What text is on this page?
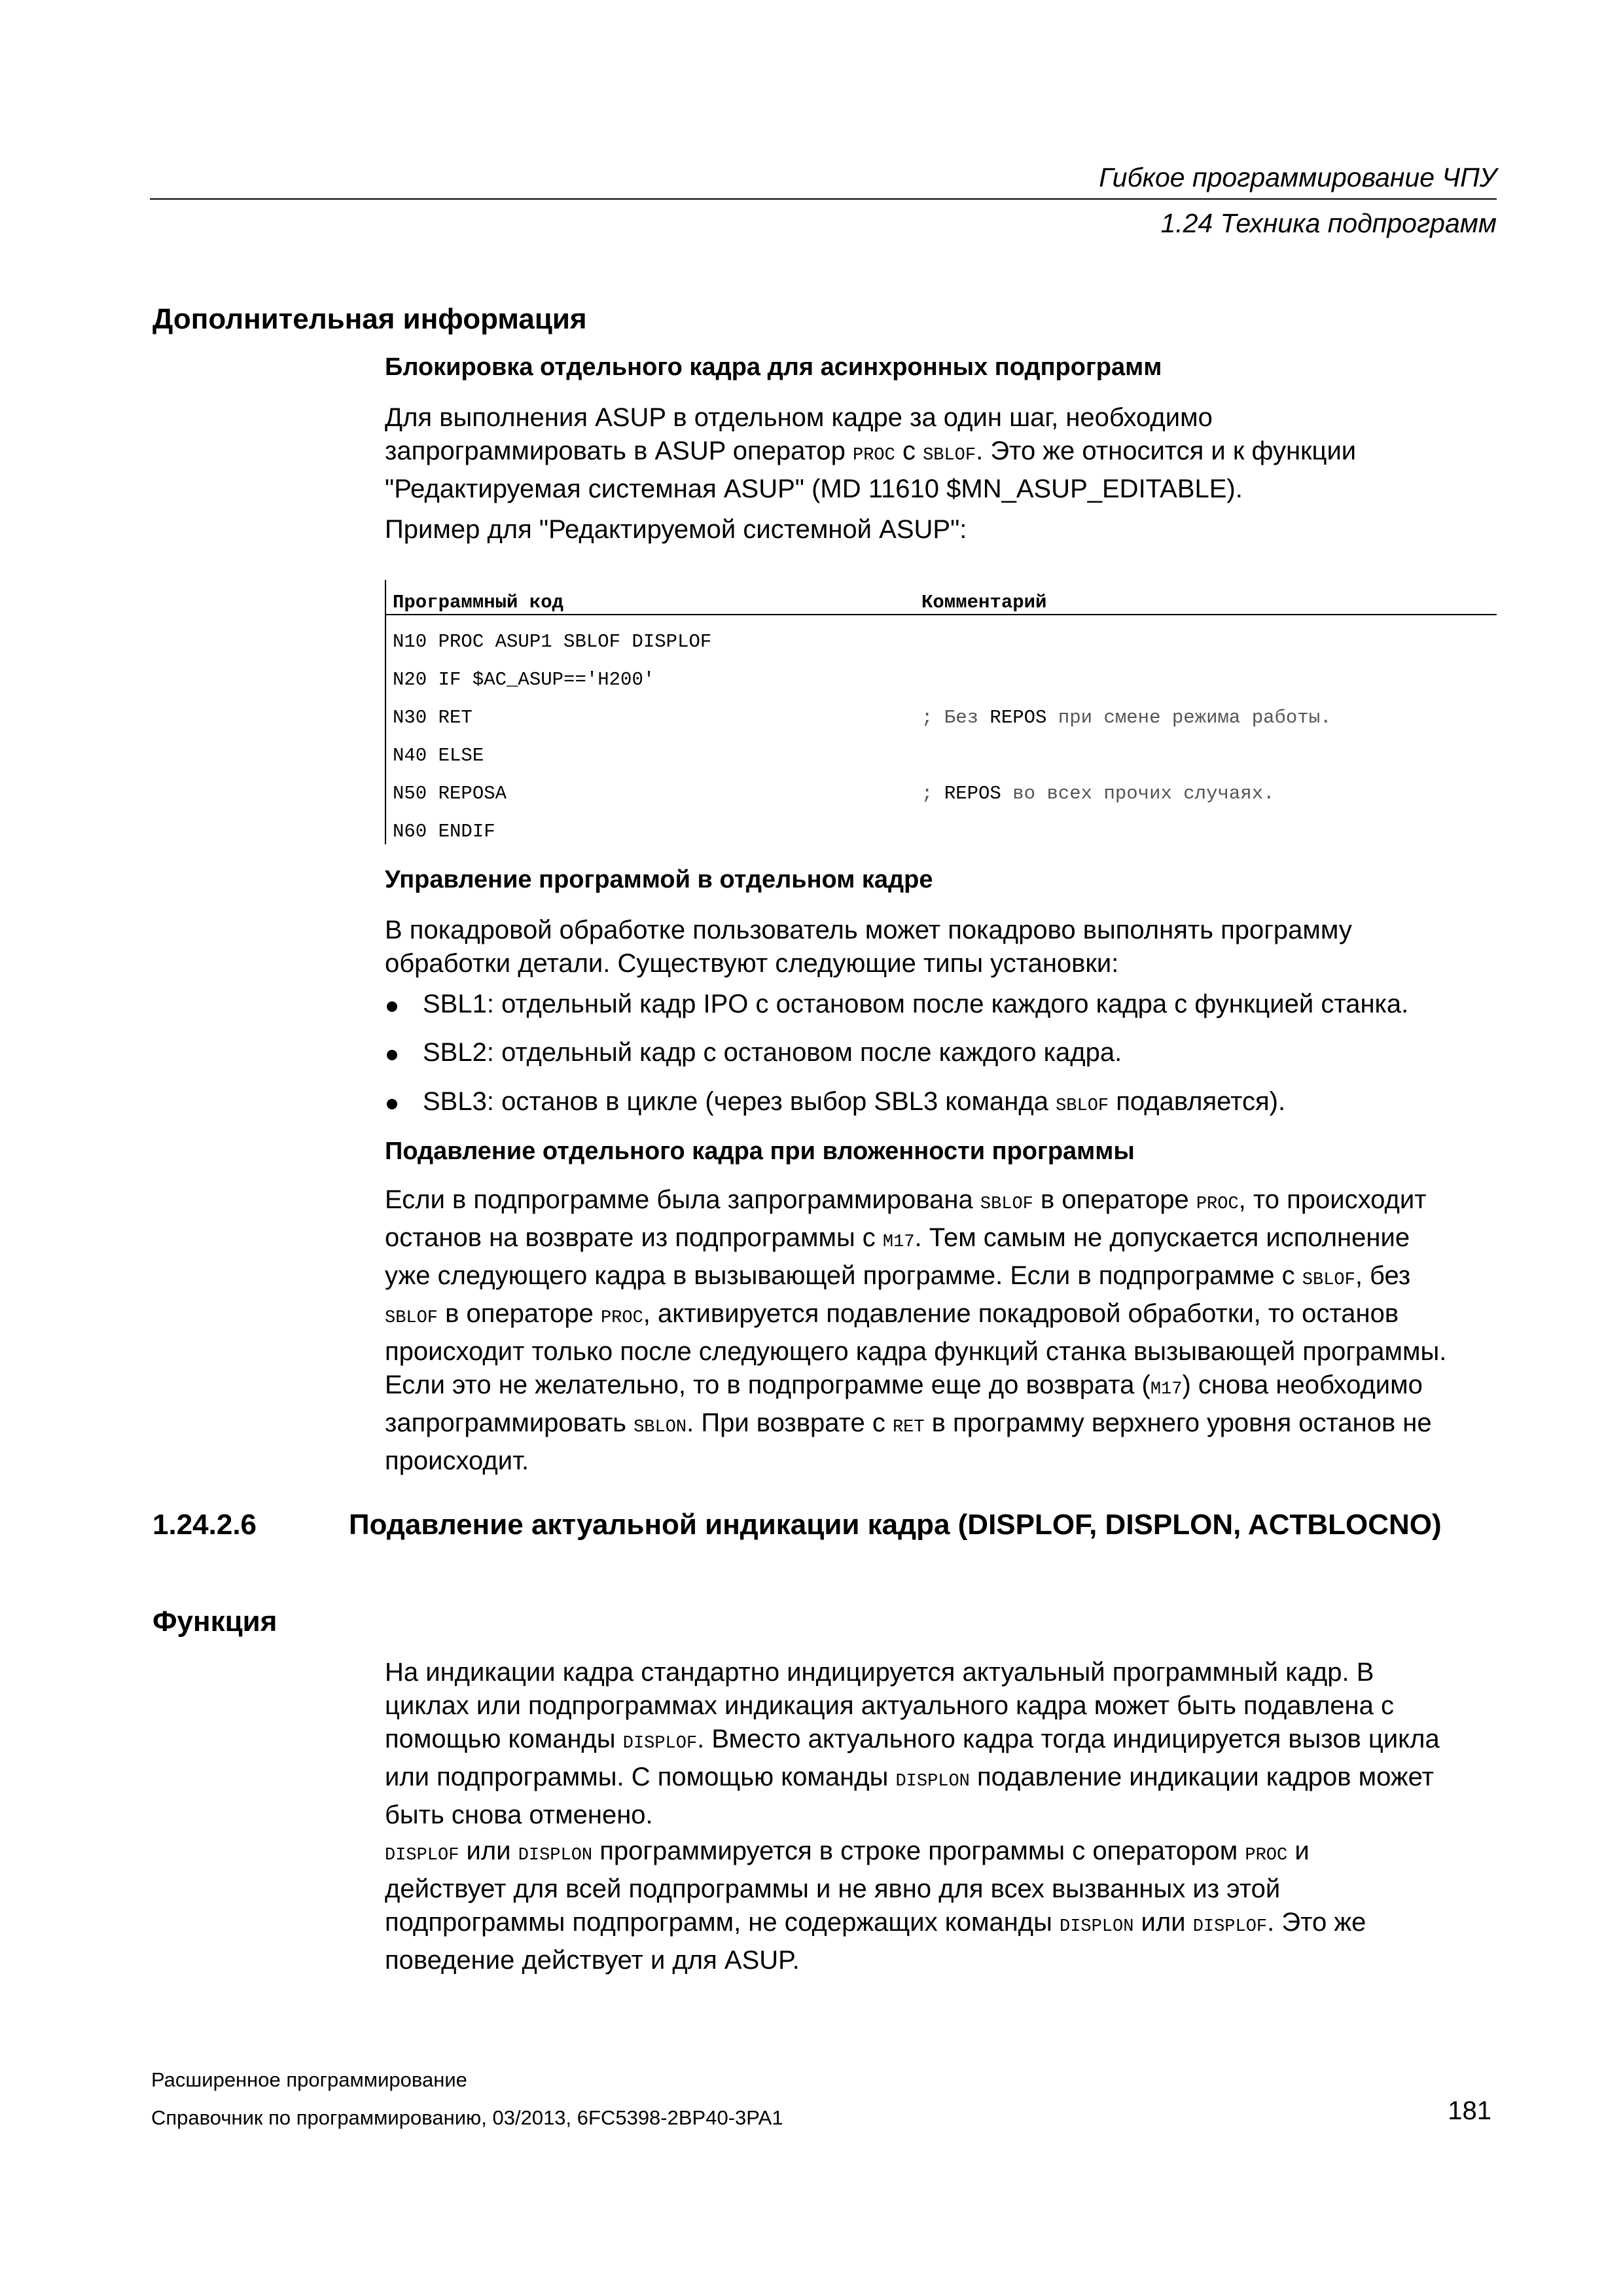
Гибкое программирование ЧПУ
1.24 Техника подпрограмм
Дополнительная информация
Блокировка отдельного кадра для асинхронных подпрограмм
Для выполнения ASUP в отдельном кадре за один шаг, необходимо
запрограммировать в ASUP оператор PROC с SBLOF. Это же относится и к функции
"Редактируемая системная ASUP" (MD 11610 $MN_ASUP_EDITABLE).
Пример для "Редактируемой системной ASUP":
Программный код	Комментарий
N10 PROC ASUP1 SBLOF DISPLOF
N20 IF $AC_ASUP=='H200'
N30 RET	; Без REPOS при смене режима работы.
N40 ELSE
N50 REPOSA	; REPOS во всех прочих случаях.
N60 ENDIF
Управление программой в отдельном кадре
В покадровой обработке пользователь может покадрово выполнять программу
обработки детали. Существуют следующие типы установки:
SBL1: отдельный кадр IPO с остановом после каждого кадра с функцией станка.
SBL2: отдельный кадр с остановом после каждого кадра.
SBL3: останов в цикле (через выбор SBL3 команда SBLOF подавляется).
Подавление отдельного кадра при вложенности программы
Если в подпрограмме была запрограммирована SBLOF в операторе PROC, то происходит
останов на возврате из подпрограммы с M17. Тем самым не допускается исполнение
уже следующего кадра в вызывающей программе. Если в подпрограмме с SBLOF, без
SBLOF в операторе PROC, активируется подавление покадровой обработки, то останов
происходит только после следующего кадра функций станка вызывающей программы.
Если это не желательно, то в подпрограмме еще до возврата (M17) снова необходимо
запрограммировать SBLON. При возврате с RET в программу верхнего уровня останов не
происходит.
1.24.2.6	Подавление актуальной индикации кадра (DISPLOF, DISPLON, ACTBLOCNO)
Функция
На индикации кадра стандартно индицируется актуальный программный кадр. В
циклах или подпрограммах индикация актуального кадра может быть подавлена с
помощью команды DISPLOF. Вместо актуального кадра тогда индицируется вызов цикла
или подпрограммы. С помощью команды DISPLON подавление индикации кадров может
быть снова отменено.
DISPLOF или DISPLON программируется в строке программы с оператором PROC и
действует для всей подпрограммы и не явно для всех вызванных из этой
подпрограммы подпрограмм, не содержащих команды DISPLON или DISPLOF. Это же
поведение действует и для ASUP.
Расширенное программирование
Справочник по программированию, 03/2013, 6FC5398-2BP40-3PA1	181
